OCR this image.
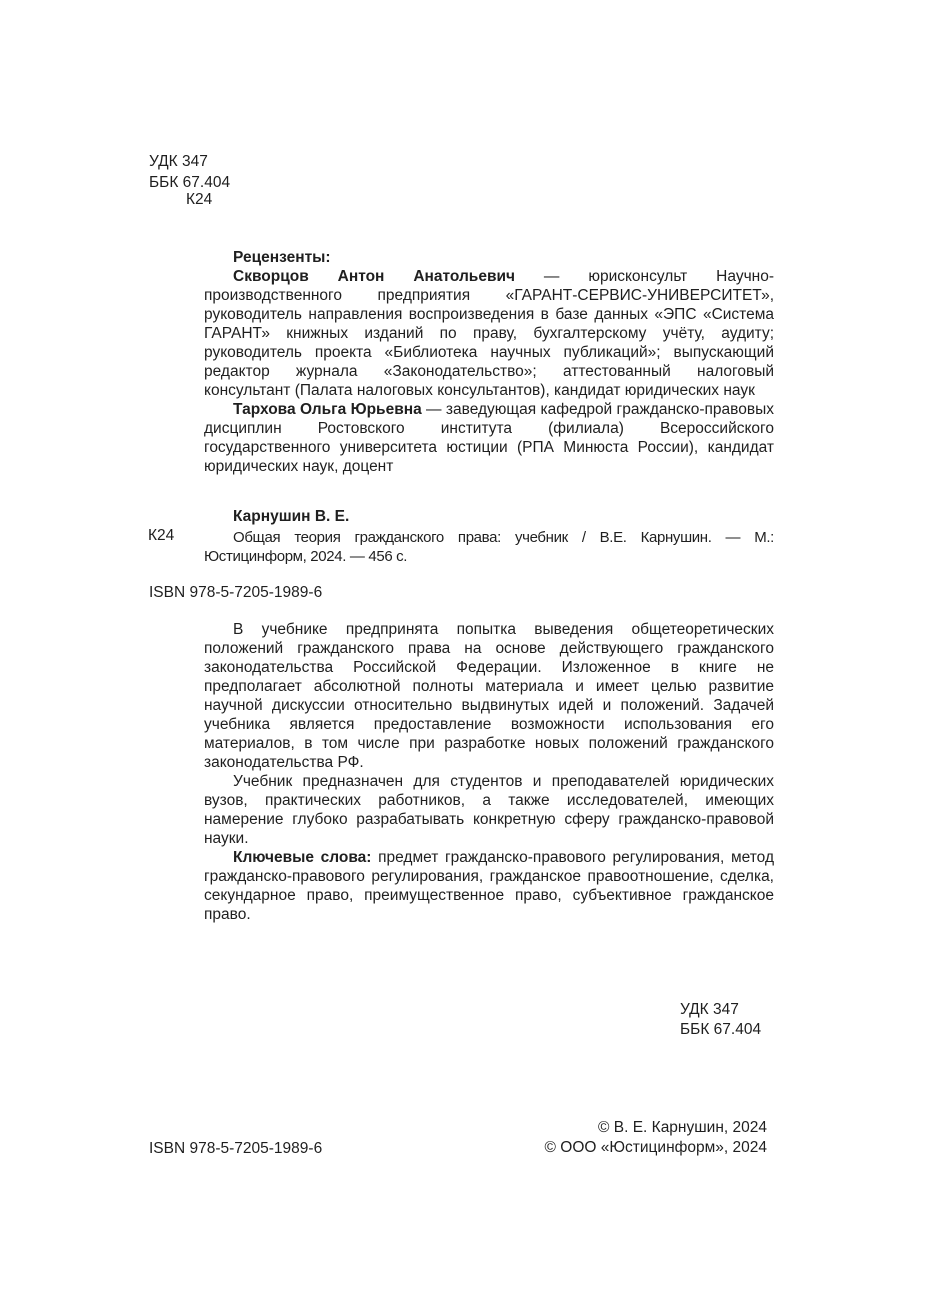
УДК 347
ББК 67.404
К24
Рецензенты:

Скворцов Антон Анатольевич — юрисконсульт Научно-производственного предприятия «ГАРАНТ-СЕРВИС-УНИВЕРСИТЕТ», руководитель направления воспроизведения в базе данных «ЭПС «Система ГАРАНТ» книжных изданий по праву, бухгалтерскому учёту, аудиту; руководитель проекта «Библиотека научных публикаций»; выпускающий редактор журнала «Законодательство»; аттестованный налоговый консультант (Палата налоговых консультантов), кандидат юридических наук

Тархова Ольга Юрьевна — заведующая кафедрой гражданско-правовых дисциплин Ростовского института (филиала) Всероссийского государственного университета юстиции (РПА Минюста России), кандидат юридических наук, доцент

Карнушин В. Е.
К24	Общая теория гражданского права: учебник / В.Е. Карнушин. — М.: Юстицинформ, 2024. — 456 с.
ISBN 978-5-7205-1989-6

В учебнике предпринята попытка выведения общетеоретических положений гражданского права на основе действующего гражданского законодательства Российской Федерации. Изложенное в книге не предполагает абсолютной полноты материала и имеет целью развитие научной дискуссии относительно выдвинутых идей и положений. Задачей учебника является предоставление возможности использования его материалов, в том числе при разработке новых положений гражданского законодательства РФ.

Учебник предназначен для студентов и преподавателей юридических вузов, практических работников, а также исследователей, имеющих намерение глубоко разрабатывать конкретную сферу гражданско-правовой науки.

Ключевые слова: предмет гражданско-правового регулирования, метод гражданско-правового регулирования, гражданское правоотношение, сделка, секундарное право, преимущественное право, субъективное гражданское право.

УДК 347
ББК 67.404
ISBN 978-5-7205-1989-6
© В. Е. Карнушин, 2024
© ООО «Юстицинформ», 2024
